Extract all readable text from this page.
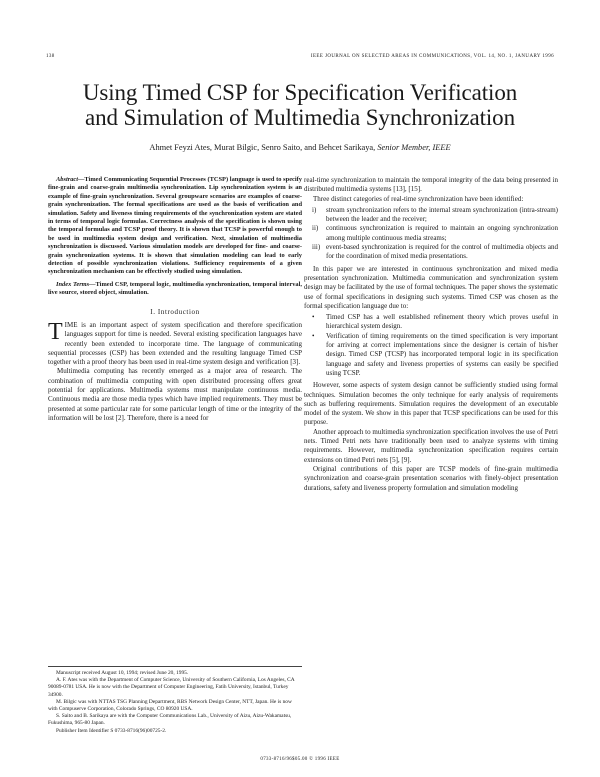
138	IEEE JOURNAL ON SELECTED AREAS IN COMMUNICATIONS, VOL. 14, NO. 1, JANUARY 1996
Using Timed CSP for Specification Verification
and Simulation of Multimedia Synchronization
Ahmet Feyzi Ates, Murat Bilgic, Senro Saito, and Behcet Sarikaya, Senior Member, IEEE

Abstract—Timed Communicating Sequential Processes (TCSP) language is used to specify fine-grain and coarse-grain multimedia synchronization. Lip synchronization system is an example of fine-grain synchronization. Several groupware scenarios are examples of coarse-grain synchronization. The formal specifications are used as the basis of verification and simulation. Safety and liveness timing requirements of the synchronization system are stated in terms of temporal logic formulas. Correctness analysis of the specification is shown using the temporal formulas and TCSP proof theory. It is shown that TCSP is powerful enough to be used in multimedia system design and verification. Next, simulation of multimedia synchronization is discussed. Various simulation models are developed for fine- and coarse-grain synchronization systems. It is shown that simulation modeling can lead to early detection of possible synchronization violations. Sufficiency requirements of a given synchronization mechanism can be effectively studied using simulation.

Index Terms—Timed CSP, temporal logic, multimedia synchronization, temporal interval, live source, stored object, simulation.

I. Introduction

TIME is an important aspect of system specification and therefore specification languages support for time is needed. Several existing specification languages have recently been extended to incorporate time. The language of communicating sequential processes (CSP) has been extended and the resulting language Timed CSP together with a proof theory has been used in real-time system design and verification [3].

Multimedia computing has recently emerged as a major area of research. The combination of multimedia computing with open distributed processing offers great potential for applications. Multimedia systems must manipulate continuous media. Continuous media are those media types which have implied requirements. They must be presented at some particular rate for some particular length of time or the integrity of the information will be lost [2]. Therefore, there is a need for

Manuscript received August 10, 1994; revised June 20, 1995.

A. F. Ates was with the Department of Computer Science, University of Southern California, Los Angeles, CA 90089-0781 USA. He is now with the Department of Computer Engineering, Fatih University, Istanbul, Turkey 34900.

M. Bilgic was with NTTAS TSG Planning Department, RBS Network Design Center, NTT, Japan. He is now with Compuserve Corporation, Colorado Springs, CO 80920 USA.

S. Saito and B. Sarikaya are with the Computer Communications Lab., University of Aizu, Aizu-Wakamatsu, Fukushima, 965-80 Japan.

Publisher Item Identifier S 0733-8716(96)00725-2.

real-time synchronization to maintain the temporal integrity of the data being presented in distributed multimedia systems [13], [15].

Three distinct categories of real-time synchronization have been identified:

i) stream synchronization refers to the internal stream synchronization (intra-stream) between the leader and the receiver;
ii) continuous synchronization is required to maintain an ongoing synchronization among multiple continuous media streams;
iii) event-based synchronization is required for the control of multimedia objects and for the coordination of mixed media presentations.

In this paper we are interested in continuous synchronization and mixed media presentation synchronization. Multimedia communication and synchronization system design may be facilitated by the use of formal techniques. The paper shows the systematic use of formal specifications in designing such systems. Timed CSP was chosen as the formal specification language due to:

• Timed CSP has a well established refinement theory which proves useful in hierarchical system design.
• Verification of timing requirements on the timed specification is very important for arriving at correct implementations since the designer is certain of his/her design. Timed CSP (TCSP) has incorporated temporal logic in its specification language and safety and liveness properties of systems can easily be specified using TCSP.

However, some aspects of system design cannot be sufficiently studied using formal techniques. Simulation becomes the only technique for early analysis of requirements such as buffering requirements. Simulation requires the development of an executable model of the system. We show in this paper that TCSP specifications can be used for this purpose.

Another approach to multimedia synchronization specification involves the use of Petri nets. Timed Petri nets have traditionally been used to analyze systems with timing requirements. However, multimedia synchronization specification requires certain extensions on timed Petri nets [5], [9].

Original contributions of this paper are TCSP models of fine-grain multimedia synchronization and coarse-grain presentation scenarios with finely-object presentation durations, safety and liveness property formulation and simulation modeling

0733-8716/96$05.00 © 1996 IEEE
